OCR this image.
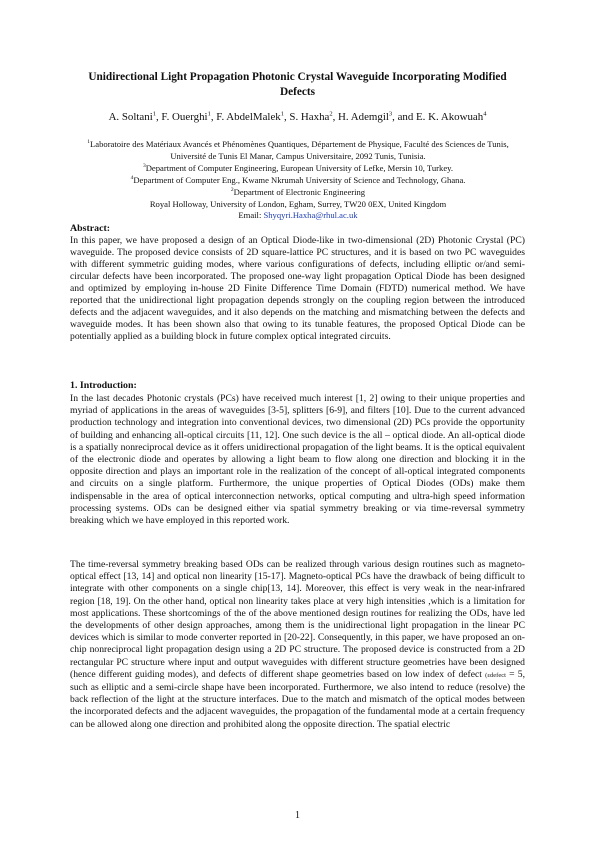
Unidirectional Light Propagation Photonic Crystal Waveguide Incorporating Modified Defects
A. Soltani$^1$, F. Ouerghi$^1$, F. AbdelMalek$^1$, S. Haxha$^2$, H. Ademgil$^3$, and E. K. Akowuah$^4$
$^1$Laboratoire des Matériaux Avancés et Phénomènes Quantiques, Département de Physique, Faculté des Sciences de Tunis, Université de Tunis El Manar, Campus Universitaire, 2092 Tunis, Tunisia.
$^3$Department of Computer Engineering, European University of Lefke, Mersin 10, Turkey.
$^4$Department of Computer Eng., Kwame Nkrumah University of Science and Technology, Ghana.
$^2$Department of Electronic Engineering
Royal Holloway, University of London, Egham, Surrey, TW20 0EX, United Kingdom
Email: Shyqyri.Haxha@rhul.ac.uk
Abstract:
In this paper, we have proposed a design of an Optical Diode-like in two-dimensional (2D) Photonic Crystal (PC) waveguide. The proposed device consists of 2D square-lattice PC structures, and it is based on two PC waveguides with different symmetric guiding modes, where various configurations of defects, including elliptic or/and semi-circular defects have been incorporated. The proposed one-way light propagation Optical Diode has been designed and optimized by employing in-house 2D Finite Difference Time Domain (FDTD) numerical method. We have reported that the unidirectional light propagation depends strongly on the coupling region between the introduced defects and the adjacent waveguides, and it also depends on the matching and mismatching between the defects and waveguide modes. It has been shown also that owing to its tunable features, the proposed Optical Diode can be potentially applied as a building block in future complex optical integrated circuits.
1. Introduction:
In the last decades Photonic crystals (PCs) have received much interest [1, 2] owing to their unique properties and myriad of applications in the areas of waveguides [3-5], splitters [6-9], and filters [10]. Due to the current advanced production technology and integration into conventional devices, two dimensional (2D) PCs provide the opportunity of building and enhancing all-optical circuits [11, 12]. One such device is the all – optical diode. An all-optical diode is a spatially nonreciprocal device as it offers unidirectional propagation of the light beams. It is the optical equivalent of the electronic diode and operates by allowing a light beam to flow along one direction and blocking it in the opposite direction and plays an important role in the realization of the concept of all-optical integrated components and circuits on a single platform. Furthermore, the unique properties of Optical Diodes (ODs) make them indispensable in the area of optical interconnection networks, optical computing and ultra-high speed information processing systems. ODs can be designed either via spatial symmetry breaking or via time-reversal symmetry breaking which we have employed in this reported work.
The time-reversal symmetry breaking based ODs can be realized through various design routines such as magneto-optical effect [13, 14] and optical non linearity [15-17]. Magneto-optical PCs have the drawback of being difficult to integrate with other components on a single chip[13, 14]. Moreover, this effect is very weak in the near-infrared region [18, 19]. On the other hand, optical non linearity takes place at very high intensities ,which is a limitation for most applications. These shortcomings of the of the above mentioned design routines for realizing the ODs, have led the developments of other design approaches, among them is the unidirectional light propagation in the linear PC devices which is similar to mode converter reported in [20-22]. Consequently, in this paper, we have proposed an on-chip nonreciprocal light propagation design using a 2D PC structure. The proposed device is constructed from a 2D rectangular PC structure where input and output waveguides with different structure geometries have been designed (hence different guiding modes), and defects of different shape geometries based on low index of defect (εdefect = 5, such as elliptic and a semi-circle shape have been incorporated. Furthermore, we also intend to reduce (resolve) the back reflection of the light at the structure interfaces. Due to the match and mismatch of the optical modes between the incorporated defects and the adjacent waveguides, the propagation of the fundamental mode at a certain frequency can be allowed along one direction and prohibited along the opposite direction. The spatial electric
1
